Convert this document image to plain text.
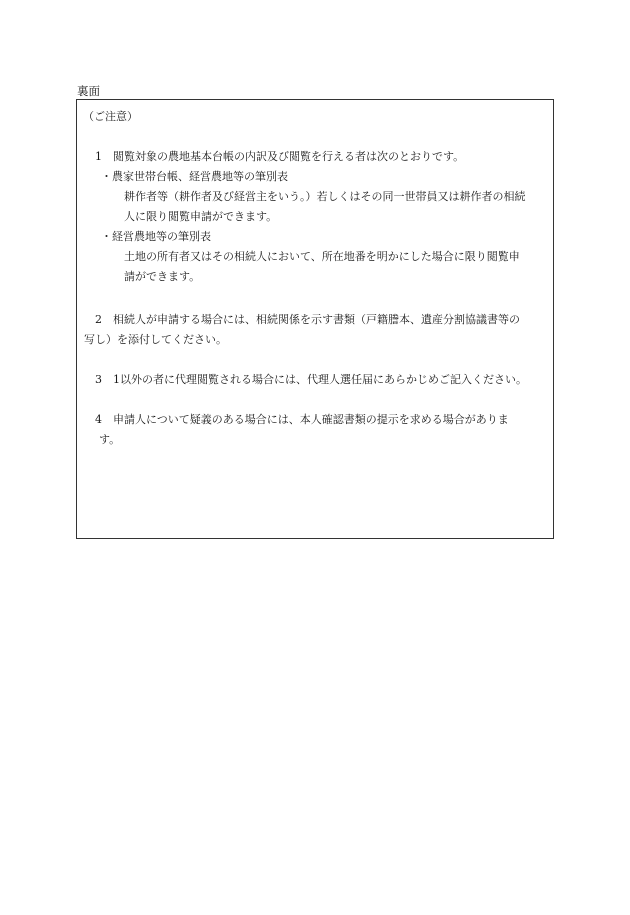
裏面
（ご注意）
1 閲覧対象の農地基本台帳の内訳及び閲覧を行える者は次のとおりです。
・農家世帯台帳、経営農地等の筆別表
耕作者等（耕作者及び経営主をいう。）若しくはその同一世帯員又は耕作者の相続
人に限り閲覧申請ができます。
・経営農地等の筆別表
土地の所有者又はその相続人において、所在地番を明かにした場合に限り閲覧申
請ができます。
2 相続人が申請する場合には、相続関係を示す書類（戸籍謄本、遺産分割協議書等の
写し）を添付してください。
3 1以外の者に代理閲覧される場合には、代理人選任届にあらかじめご記入ください。
4 申請人について疑義のある場合には、本人確認書類の提示を求める場合がありま
す。
